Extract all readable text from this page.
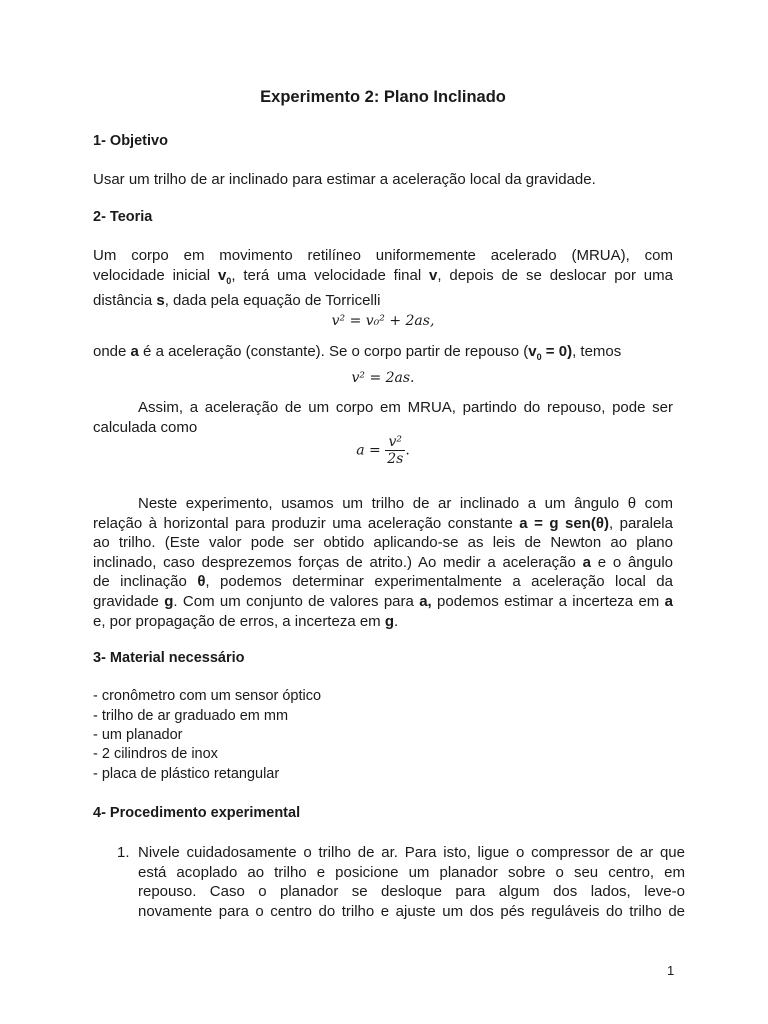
Experimento 2: Plano Inclinado
1- Objetivo
Usar um trilho de ar inclinado para estimar a aceleração local da gravidade.
2- Teoria
Um corpo em movimento retilíneo uniformemente acelerado (MRUA), com
velocidade inicial $v_0$, terá uma velocidade final v, depois de se deslocar por uma
distância s, dada pela equação de Torricelli
v² = v₀² + 2as,
onde a é a aceleração (constante). Se o corpo partir de repouso $(v_0 = 0)$, temos
v² = 2as.
Assim, a aceleração de um corpo em MRUA, partindo do repouso, pode ser
calculada como
$a = \frac{\text{v²}}{2s}$ .
Neste experimento, usamos um trilho de ar inclinado a um ângulo θ com
relação à horizontal para produzir uma aceleração constante a = g sen(θ), paralela
ao trilho. (Este valor pode ser obtido aplicando-se as leis de Newton ao plano
inclinado, caso desprezemos forças de atrito.) Ao medir a aceleração a e o ângulo
de inclinação θ, podemos determinar experimentalmente a aceleração local da
gravidade g. Com um conjunto de valores para a, podemos estimar a incerteza em a
e, por propagação de erros, a incerteza em g.
3- Material necessário
- cronômetro com um sensor óptico
- trilho de ar graduado em mm
- um planador
- 2 cilindros de inox
- placa de plástico retangular
4- Procedimento experimental
1. Nivele cuidadosamente o trilho de ar. Para isto, ligue o compressor de ar que
está acoplado ao trilho e posicione um planador sobre o seu centro, em
repouso. Caso o planador se desloque para algum dos lados, leve-o
novamente para o centro do trilho e ajuste um dos pés reguláveis do trilho de
1
